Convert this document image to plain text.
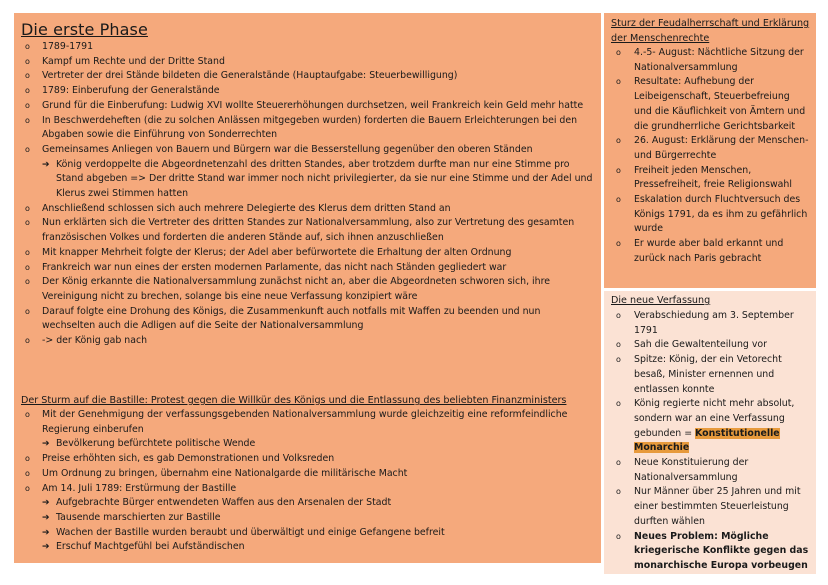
Die erste Phase
o 1789-1791
o Kampf um Rechte und der Dritte Stand
o Vertreter der drei Stände bildeten die Generalstände (Hauptaufgabe: Steuerbewilligung)
o 1789: Einberufung der Generalstände
o Grund für die Einberufung: Ludwig XVI wollte Steuererhöhungen durchsetzen, weil Frankreich kein Geld mehr hatte
o In Beschwerdeheften (die zu solchen Anlässen mitgegeben wurden) forderten die Bauern Erleichterungen bei den Abgaben sowie die Einführung von Sonderrechten
o Gemeinsames Anliegen von Bauern und Bürgern war die Besserstellung gegenüber den oberen Ständen
➔ König verdoppelte die Abgeordnetenzahl des dritten Standes, aber trotzdem durfte man nur eine Stimme pro Stand abgeben => Der dritte Stand war immer noch nicht privilegierter, da sie nur eine Stimme und der Adel und Klerus zwei Stimmen hatten
o Anschließend schlossen sich auch mehrere Delegierte des Klerus dem dritten Stand an
o Nun erklärten sich die Vertreter des dritten Standes zur Nationalversammlung, also zur Vertretung des gesamten französischen Volkes und forderten die anderen Stände auf, sich ihnen anzuschließen
o Mit knapper Mehrheit folgte der Klerus; der Adel aber befürwortete die Erhaltung der alten Ordnung
o Frankreich war nun eines der ersten modernen Parlamente, das nicht nach Ständen gegliedert war
o Der König erkannte die Nationalversammlung zunächst nicht an, aber die Abgeordneten schworen sich, ihre Vereinigung nicht zu brechen, solange bis eine neue Verfassung konzipiert wäre
o Darauf folgte eine Drohung des Königs, die Zusammenkunft auch notfalls mit Waffen zu beenden und nun wechselten auch die Adligen auf die Seite der Nationalversammlung
o -> der König gab nach
Der Sturm auf die Bastille: Protest gegen die Willkür des Königs und die Entlassung des beliebten Finanzministers
o Mit der Genehmigung der verfassungsgebenden Nationalversammlung wurde gleichzeitig eine reformfeindliche Regierung einberufen
➔ Bevölkerung befürchtete politische Wende
o Preise erhöhten sich, es gab Demonstrationen und Volksreden
o Um Ordnung zu bringen, übernahm eine Nationalgarde die militärische Macht
o Am 14. Juli 1789: Erstürmung der Bastille
➔ Aufgebrachte Bürger entwendeten Waffen aus den Arsenalen der Stadt
➔ Tausende marschierten zur Bastille
➔ Wachen der Bastille wurden beraubt und überwältigt und einige Gefangene befreit
➔ Erschuf Machtgefühl bei Aufständischen
Sturz der Feudalherrschaft und Erklärung der Menschenrechte
o 4.-5- August: Nächtliche Sitzung der Nationalversammlung
o Resultate: Aufhebung der Leibeigenschaft, Steuerbefreiung und die Käuflichkeit von Ämtern und die grundherrliche Gerichtsbarkeit
o 26. August: Erklärung der Menschen- und Bürgerrechte
o Freiheit jeden Menschen, Pressefreiheit, freie Religionswahl
o Eskalation durch Fluchtversuch des Königs 1791, da es ihm zu gefährlich wurde
o Er wurde aber bald erkannt und zurück nach Paris gebracht
Die neue Verfassung
o Verabschiedung am 3. September 1791
o Sah die Gewaltenteilung vor
o Spitze: König, der ein Vetorecht besaß, Minister ernennen und entlassen konnte
o König regierte nicht mehr absolut, sondern war an eine Verfassung gebunden = Konstitutionelle Monarchie
o Neue Konstituierung der Nationalversammlung
o Nur Männer über 25 Jahren und mit einer bestimmten Steuerleistung durften wählen
o Neues Problem: Mögliche kriegerische Konflikte gegen das monarchische Europa vorbeugen
